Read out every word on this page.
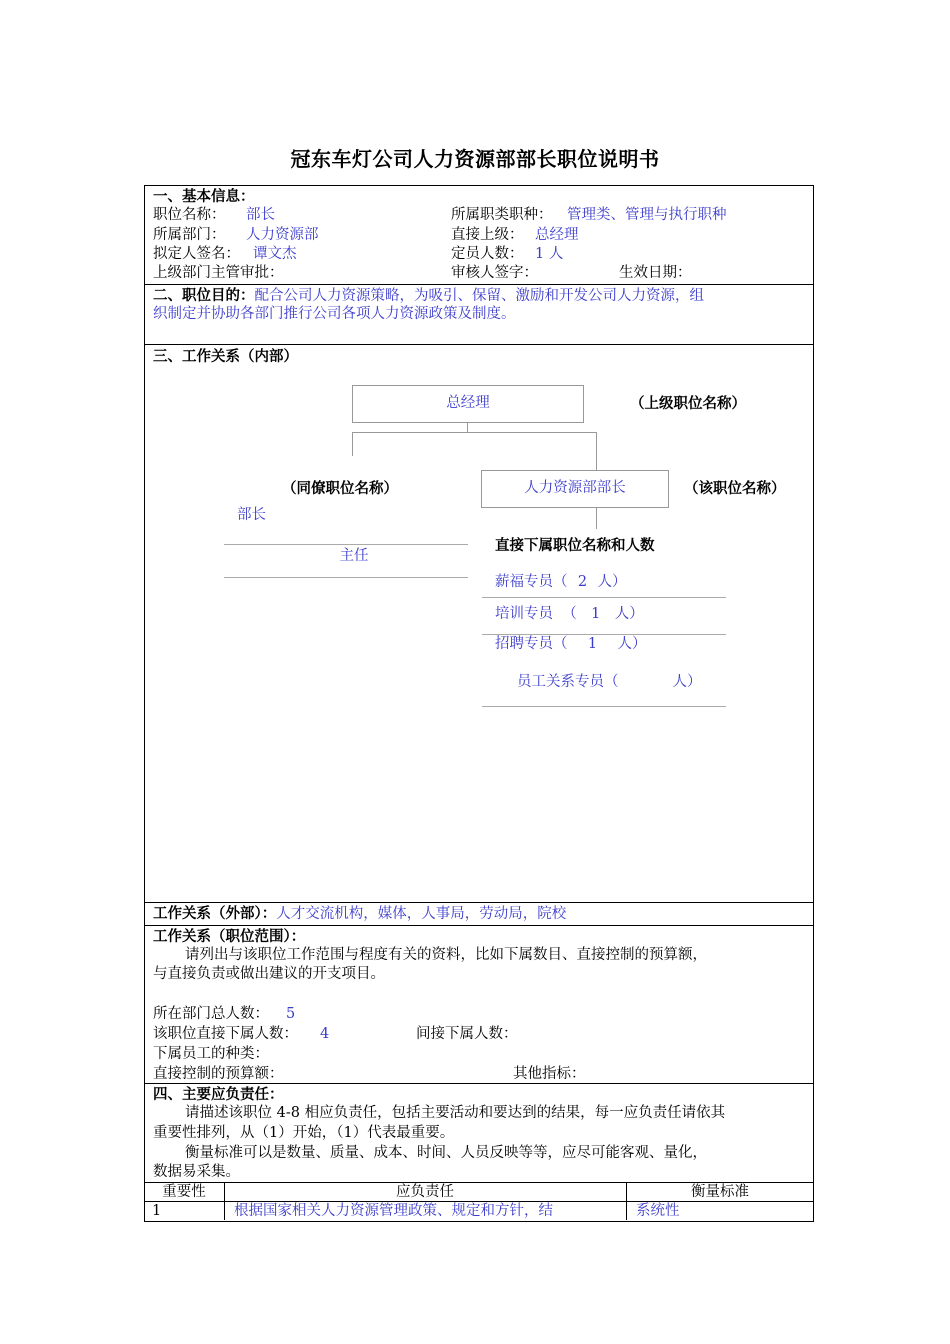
冠东车灯公司人力资源部部长职位说明书
一、基本信息：
职位名称： 部长	所属职类职种： 管理类、管理与执行职种
所属部门： 人力资源部	直接上级： 总经理
拟定人签名： 谭文杰	定员人数： 1 人
上级部门主管审批：	审核人签字：	生效日期：
二、职位目的：配合公司人力资源策略，为吸引、保留、激励和开发公司人力资源，组
织制定并协助各部门推行公司各项人力资源政策及制度。
三、工作关系（内部）
总经理	（上级职位名称）
人力资源部部长	（该职位名称）
（同僚职位名称）
部长
主任
直接下属职位名称和人数
薪福专员（ 2 人）
培训专员  （ 1 人）
招聘专员（ 1 人）
员工关系专员（	人）
工作关系（外部）：人才交流机构，媒体，人事局，劳动局，院校
工作关系（职位范围）：
请列出与该职位工作范围与程度有关的资料，比如下属数目、直接控制的预算额，
与直接负责或做出建议的开支项目。
所在部门总人数： 5
该职位直接下属人数： 4	间接下属人数：
下属员工的种类：
直接控制的预算额：	其他指标：
四、主要应负责任：
请描述该职位 4-8 相应负责任，包括主要活动和要达到的结果，每一应负责任请依其
重要性排列，从（1）开始，（1）代表最重要。
衡量标准可以是数量、质量、成本、时间、人员反映等等，应尽可能客观、量化，
数据易采集。
重要性	应负责任	衡量标准
1	根据国家相关人力资源管理政策、规定和方针，结	系统性
